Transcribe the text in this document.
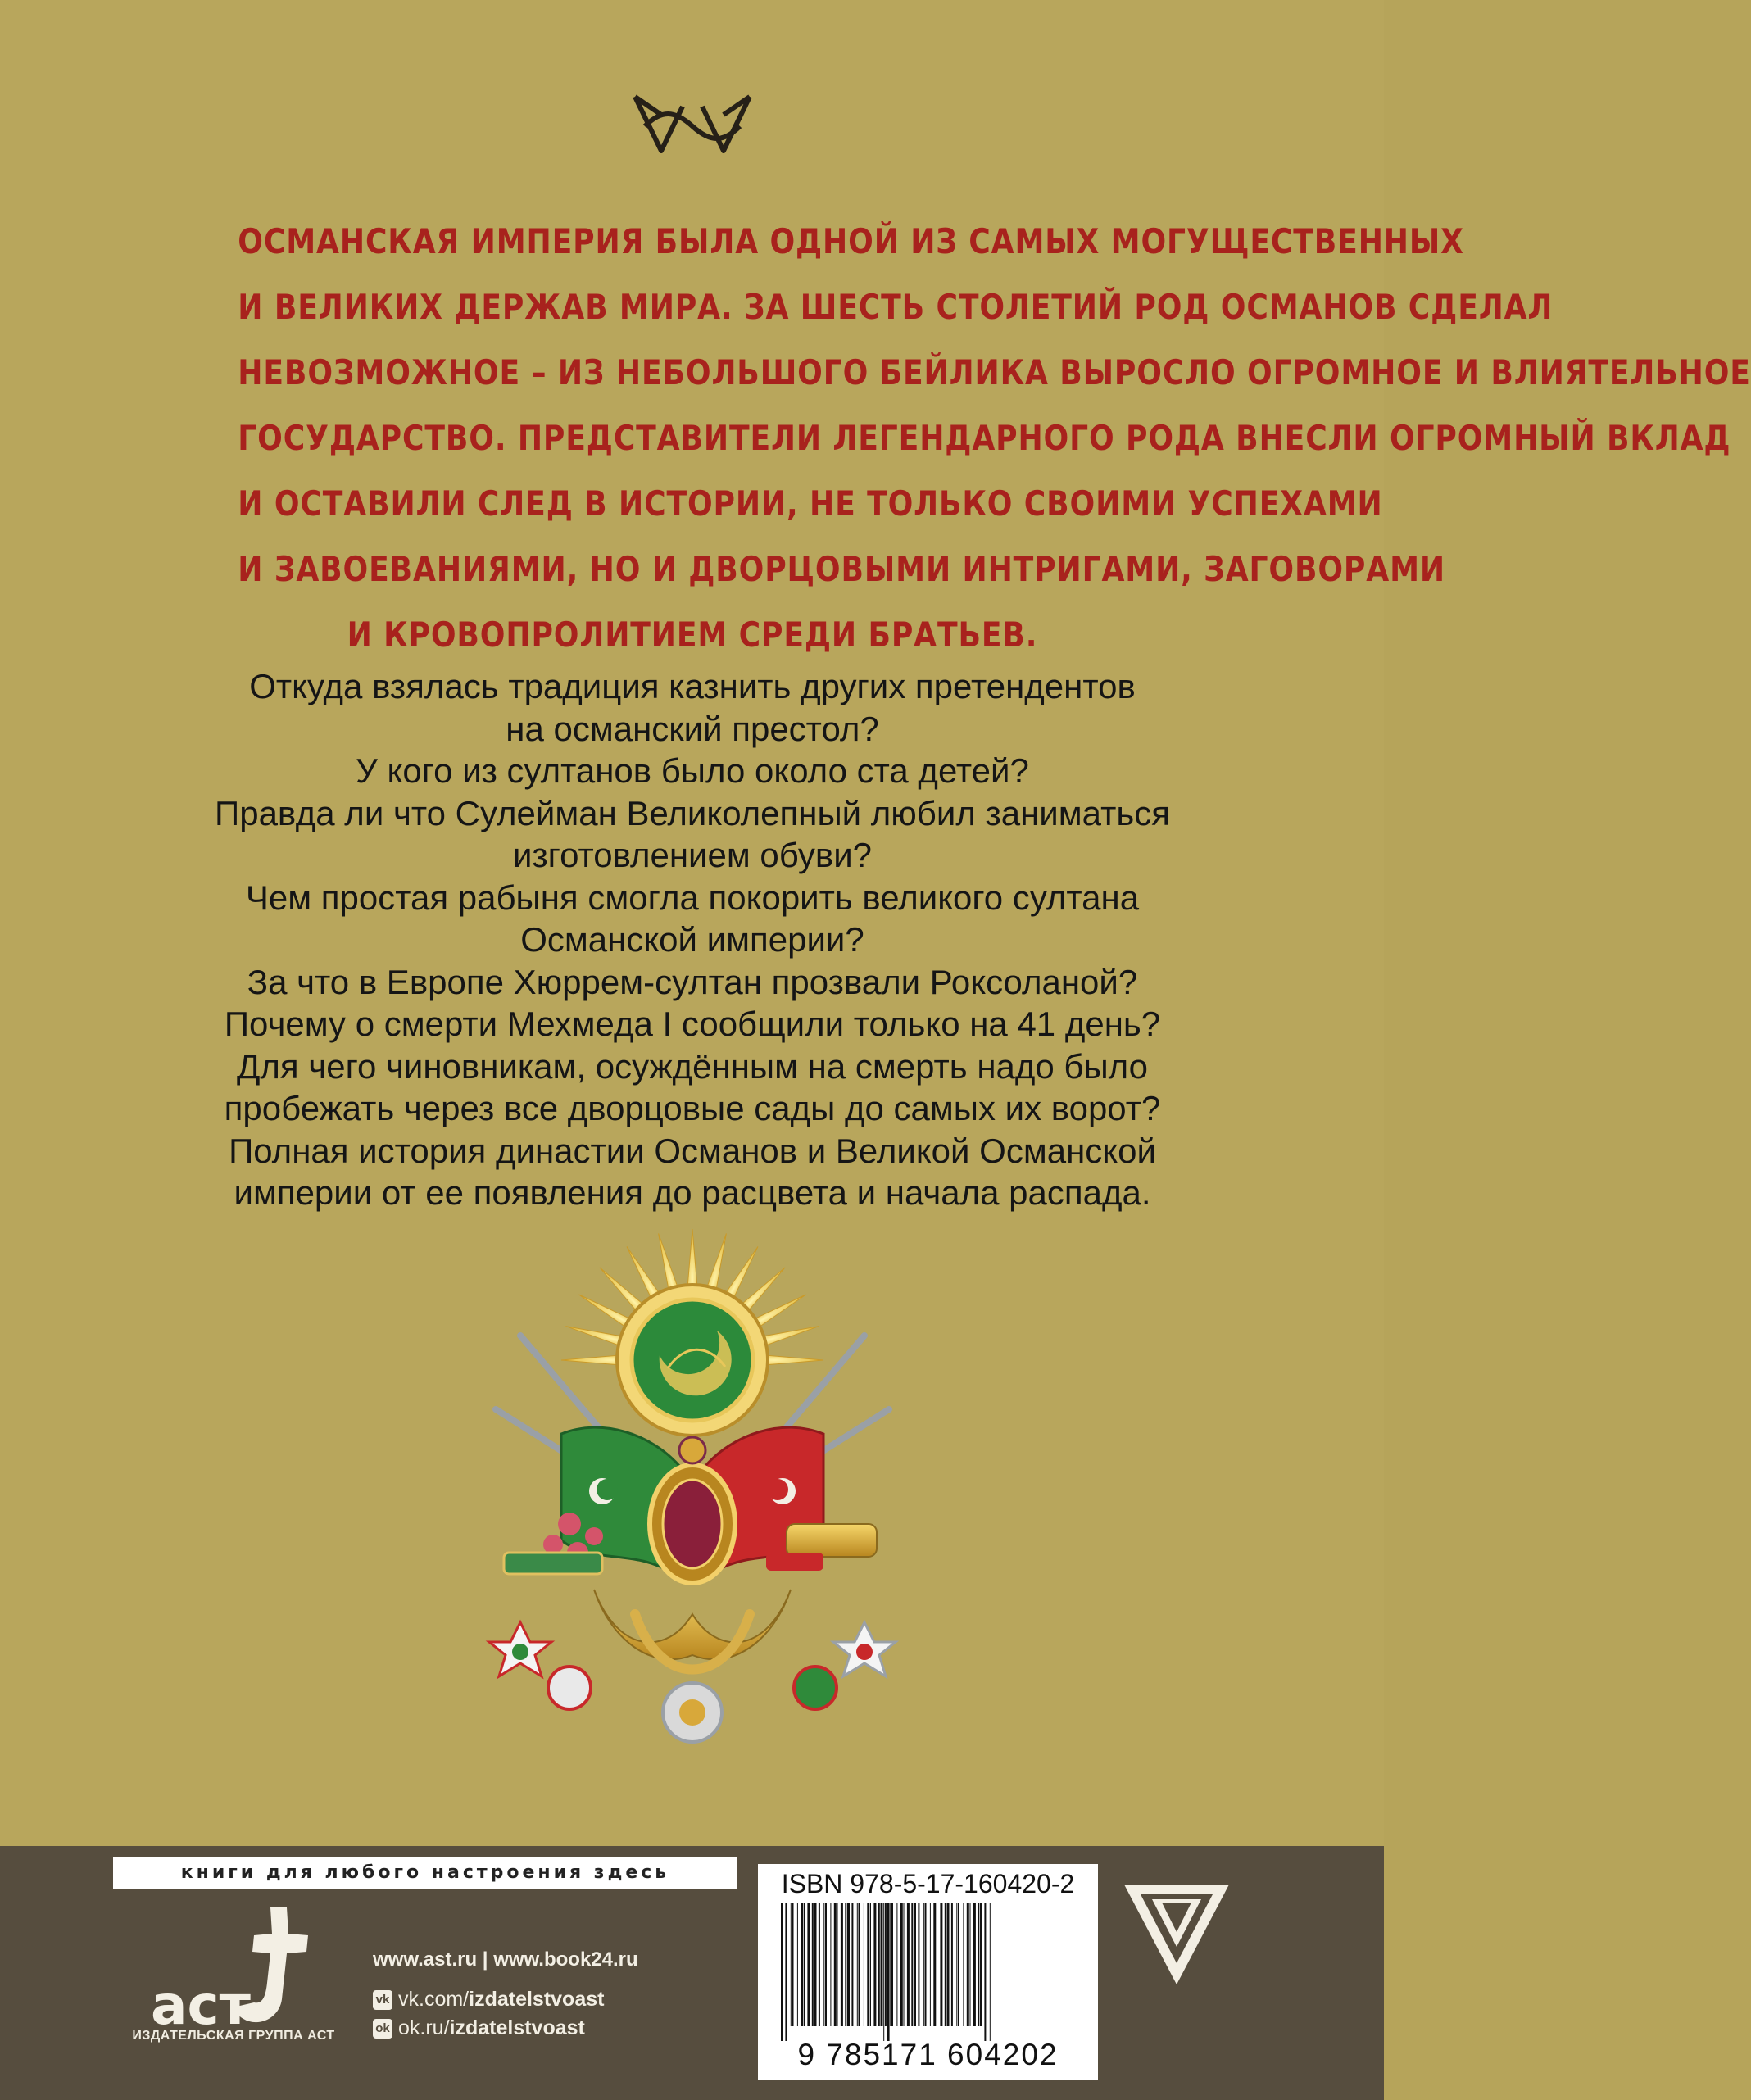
ОСМАНСКАЯ ИМПЕРИЯ БЫЛА ОДНОЙ ИЗ САМЫХ МОГУЩЕСТВЕННЫХ
И ВЕЛИКИХ ДЕРЖАВ МИРА. ЗА ШЕСТЬ СТОЛЕТИЙ РОД ОСМАНОВ СДЕЛАЛ
НЕВОЗМОЖНОЕ – ИЗ НЕБОЛЬШОГО БЕЙЛИКА ВЫРОСЛО ОГРОМНОЕ И ВЛИЯТЕЛЬНОЕ
ГОСУДАРСТВО. ПРЕДСТАВИТЕЛИ ЛЕГЕНДАРНОГО РОДА ВНЕСЛИ ОГРОМНЫЙ ВКЛАД
И ОСТАВИЛИ СЛЕД В ИСТОРИИ, НЕ ТОЛЬКО СВОИМИ УСПЕХАМИ
И ЗАВОЕВАНИЯМИ, НО И ДВОРЦОВЫМИ ИНТРИГАМИ, ЗАГОВОРАМИ
И КРОВОПРОЛИТИЕМ СРЕДИ БРАТЬЕВ.
Откуда взялась традиция казнить других претендентов
на османский престол?
У кого из султанов было около ста детей?
Правда ли что Сулейман Великолепный любил заниматься
изготовлением обуви?
Чем простая рабыня смогла покорить великого султана
Османской империи?
За что в Европе Хюррем-султан прозвали Роксоланой?
Почему о смерти Мехмеда I сообщили только на 41 день?
Для чего чиновникам, осуждённым на смерть надо было
пробежать через все дворцовые сады до самых их ворот?
Полная история династии Османов и Великой Османской
империи от ее появления до расцвета и начала распада.
книги для любого настроения здесь
аст
ИЗДАТЕЛЬСКАЯ ГРУППА АСТ
www.ast.ru | www.book24.ru
vk vk.com/ izdatelstvoast
ok ok.ru/ izdatelstvoast
ISBN 978-5-17-160420-2
9 785171 604202
